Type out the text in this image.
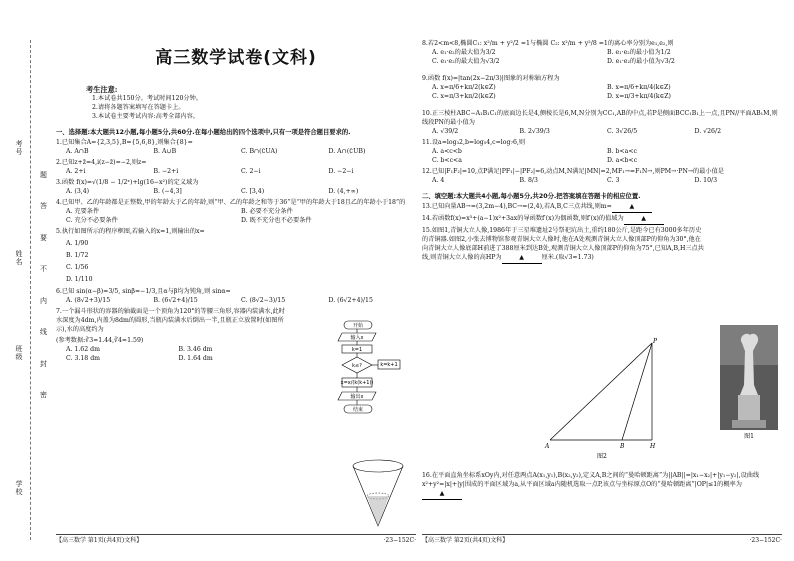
考号
姓名
班级
学校
题
答
要
不
内
线
封
密
高三数学试卷(文科)
考生注意:
1.本试卷共150分。考试时间120分钟。
2.请将各题答案填写在答题卡上。
3.本试卷主要考试内容:高考全部内容。
一、选择题:本大题共12小题,每小题5分,共60分.在每小题给出的四个选项中,只有一项是符合题目要求的.
1.已知集合A={2,3,5},B={5,6,8},则集合{8}=
A. A∩B	B. A∪B	C. B∩(∁UA)	D. A∩(∁UB)
2.已知z+z̄=4,i(z−z̄)=−2,则z=
A. 2+i	B. −2+i	C. 2−i	D. −2−i
3.函数 f(x)=√(1/8 − 1/2ˣ)+lg(16−x²)的定义域为
A. (3,4)	B. (−4,3]	C. [3,4)	D. (4,+∞)
4.已知甲、乙的年龄都是正整数,甲的年龄大于乙的年龄,则“甲、乙的年龄之和等于36”是“甲的年龄大于18且乙的年龄小于18”的
A. 充要条件	B. 必要不充分条件
C. 充分不必要条件	D. 既不充分也不必要条件
5.执行如图所示的程序框图,若输入的x=1,则输出的x=
A. 1/90
B. 1/72
C. 1/56
D. 1/110
6.已知 sin(α−β)=3/5, sinβ=−1/3,且α与β均为钝角,则 sinα=
A. (8√2+3)/15	B. (6√2+4)/15	C. (8√2−3)/15	D. (6√2+4)/15
7.一个漏斗形状的容器的轴截面是一个顶角为120°的等腰三角形,容器内装满水,此时水深度为4dm,内盖为8dm的圆形,当瓶内装满水后倒出一半,且瓶正立放置时(如图所示),水的高度约为
(参考数据:∛3≈1.44,∛4≈1.59)
A. 1.62 dm	B. 3.46 dm
C. 3.18 dm	D. 1.64 dm
开始
输入x
k=1
k≤?
x=x/(k(k+1))
k=k+1
输出x
结束
【高三数学 第1页(共4页)文科】	·23−152C·
8.若2<m<8,椭圆C₁: x²/m + y²/2 =1与椭圆 C₂: x²/m + y²/8 =1的离心率分别为e₁,e₂,则
A. e₁·e₂的最大值为3/2	B. e₁·e₂的最小值为1/2
C. e₁·e₂的最大值为√3/2	D. e₁·e₂的最小值为√3/2
9.函数 f(x)=|tan(2x−2π/3)|图象的对称轴方程为
A. x=π/6+kπ/2(k∈Z)	B. x=π/6+kπ/4(k∈Z)
C. x=π/3+kπ/2(k∈Z)	D. x=π/3+kπ/4(k∈Z)
10.正三棱柱ABC−A₁B₁C₁的底面边长是4,侧棱长是6,M,N分别为CC₁,AB的中点,若P是侧面BCC₁B₁上一点,且PN//平面AB₁M,则线段PN的最小值为
A. √39/2	B. 2√39/3	C. 3√26/5	D. √26/2
11.设a=log₃2,b=log₅4,c=log₇6,则
A. a<c<b	B. b<a<c
C. b<c<a	D. a<b<c
12.已知|F₁F₂|=10,点P满足|PF₁|−|PF₂|=6,动点M,N满足|MN|=2,MF₁→=F₁N→,则PM→·PN→的最小值是
A. 4	B. 8/3	C. 3	D. 10/3
二、填空题:本大题共4小题,每小题5分,共20分.把答案填在答题卡的相应位置.
13.已知向量AB→=(3,2m−4),BC→=(2,4),若A,B,C三点共线,则m=	▲
14.若函数f(x)=x³+(a−1)x²+3ax的导函数f′(x)为偶函数,则f′(x)的值域为	▲
15.如图1,青铜大立人像,1986年于三星堆遗址2号祭祀坑出土,重约180公斤,是距今已有3000多年历史的青铜器.如图2,小张去博物馆参观青铜大立人像时,他在A处观测青铜大立人像顶部P的仰角为30°,他在向青铜大立人像底部H前进了388厘米到达B处,观测青铜大立人像顶部P的仰角为75°,已知A,B,H三点共线,则青铜大立人像的高HP为	▲	厘米.(取√3≈1.73)
P
A	B	H
图2
图1
16.在平面直角坐标系xOy内,对任意两点A(x₁,y₁),B(x₂,y₂),定义A,B之间的“曼哈顿距离”为||AB||=|x₁−x₂|+|y₁−y₂|,设曲线x²+y²=|x|+|y|围成的平面区域为a,从平面区域a内随机选取一点P,该点与坐标原点O的“曼哈顿距离”|OP|≤1的概率为▲
【高三数学 第2页(共4页)文科】	·23−152C·
